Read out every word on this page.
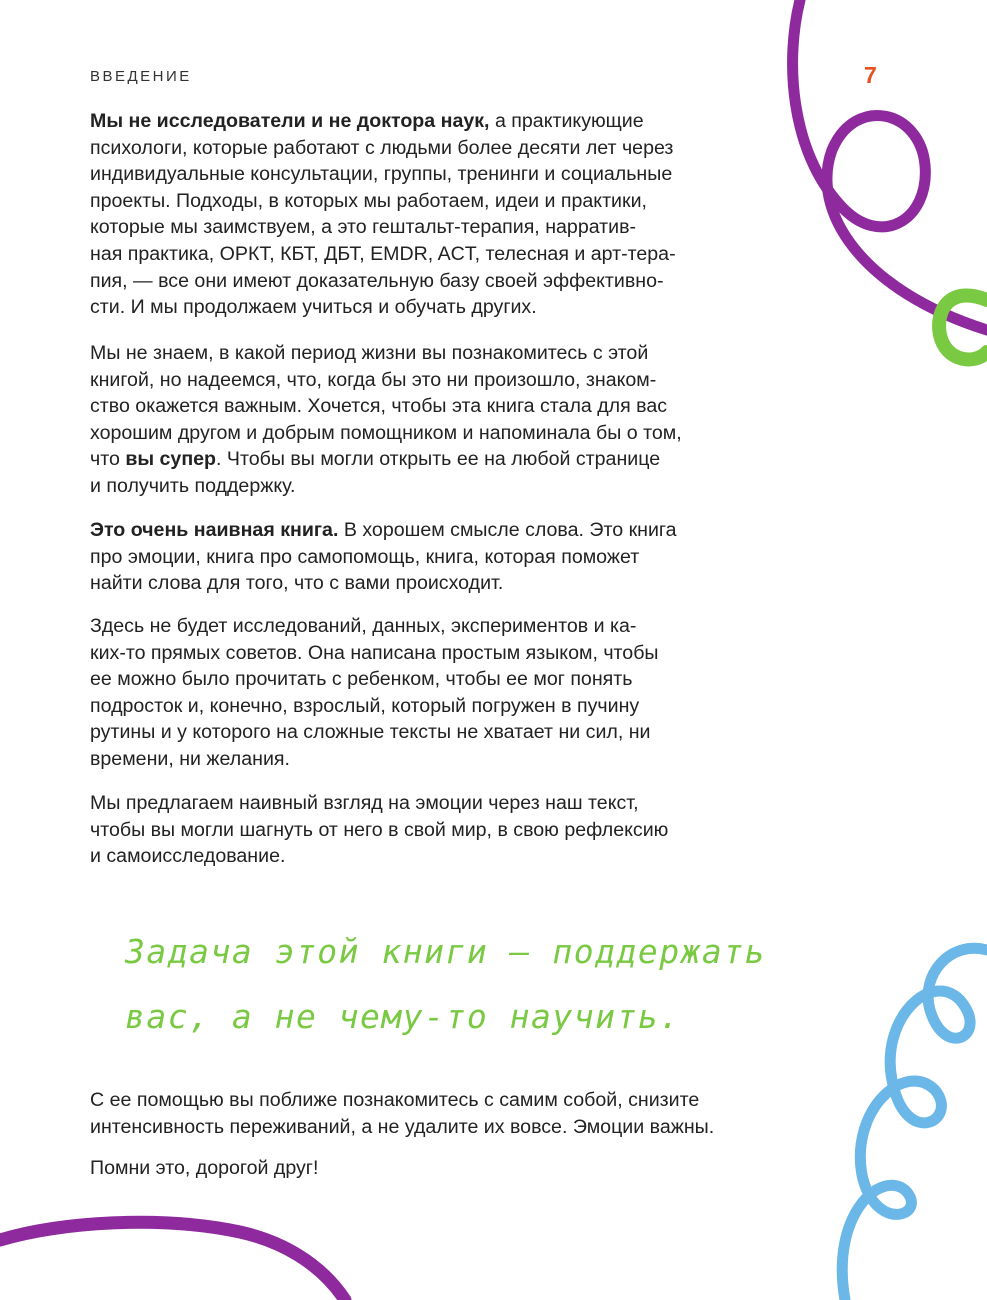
ВВЕДЕНИЕ	7

Мы не исследователи и не доктора наук, а практикующие

психологи, которые работают с людьми более десяти лет через

индивидуальные консультации, группы, тренинги и социальные

проекты. Подходы, в которых мы работаем, идеи и практики,

которые мы заимствуем, а это гештальт-терапия, нарратив-

ная практика, ОРКТ, КБТ, ДБТ, EMDR, ACT, телесная и арт-тера-

пия, — все они имеют доказательную базу своей эффективно-

сти. И мы продолжаем учиться и обучать других.

Мы не знаем, в какой период жизни вы познакомитесь с этой

книгой, но надеемся, что, когда бы это ни произошло, знаком-

ство окажется важным. Хочется, чтобы эта книга стала для вас

хорошим другом и добрым помощником и напоминала бы о том,

что вы супер. Чтобы вы могли открыть ее на любой странице

и получить поддержку.

Это очень наивная книга. В хорошем смысле слова. Это книга

про эмоции, книга про самопомощь, книга, которая поможет

найти слова для того, что с вами происходит.

Здесь не будет исследований, данных, экспериментов и ка-

ких-то прямых советов. Она написана простым языком, чтобы

ее можно было прочитать с ребенком, чтобы ее мог понять

подросток и, конечно, взрослый, который погружен в пучину

рутины и у которого на сложные тексты не хватает ни сил, ни

времени, ни желания.

Мы предлагаем наивный взгляд на эмоции через наш текст,

чтобы вы могли шагнуть от него в свой мир, в свою рефлексию

и самоисследование.

Задача этой книги — поддержать
вас, а не чему-то научить.

С ее помощью вы поближе познакомитесь с самим собой, снизите

интенсивность переживаний, а не удалите их вовсе. Эмоции важны.

Помни это, дорогой друг!
